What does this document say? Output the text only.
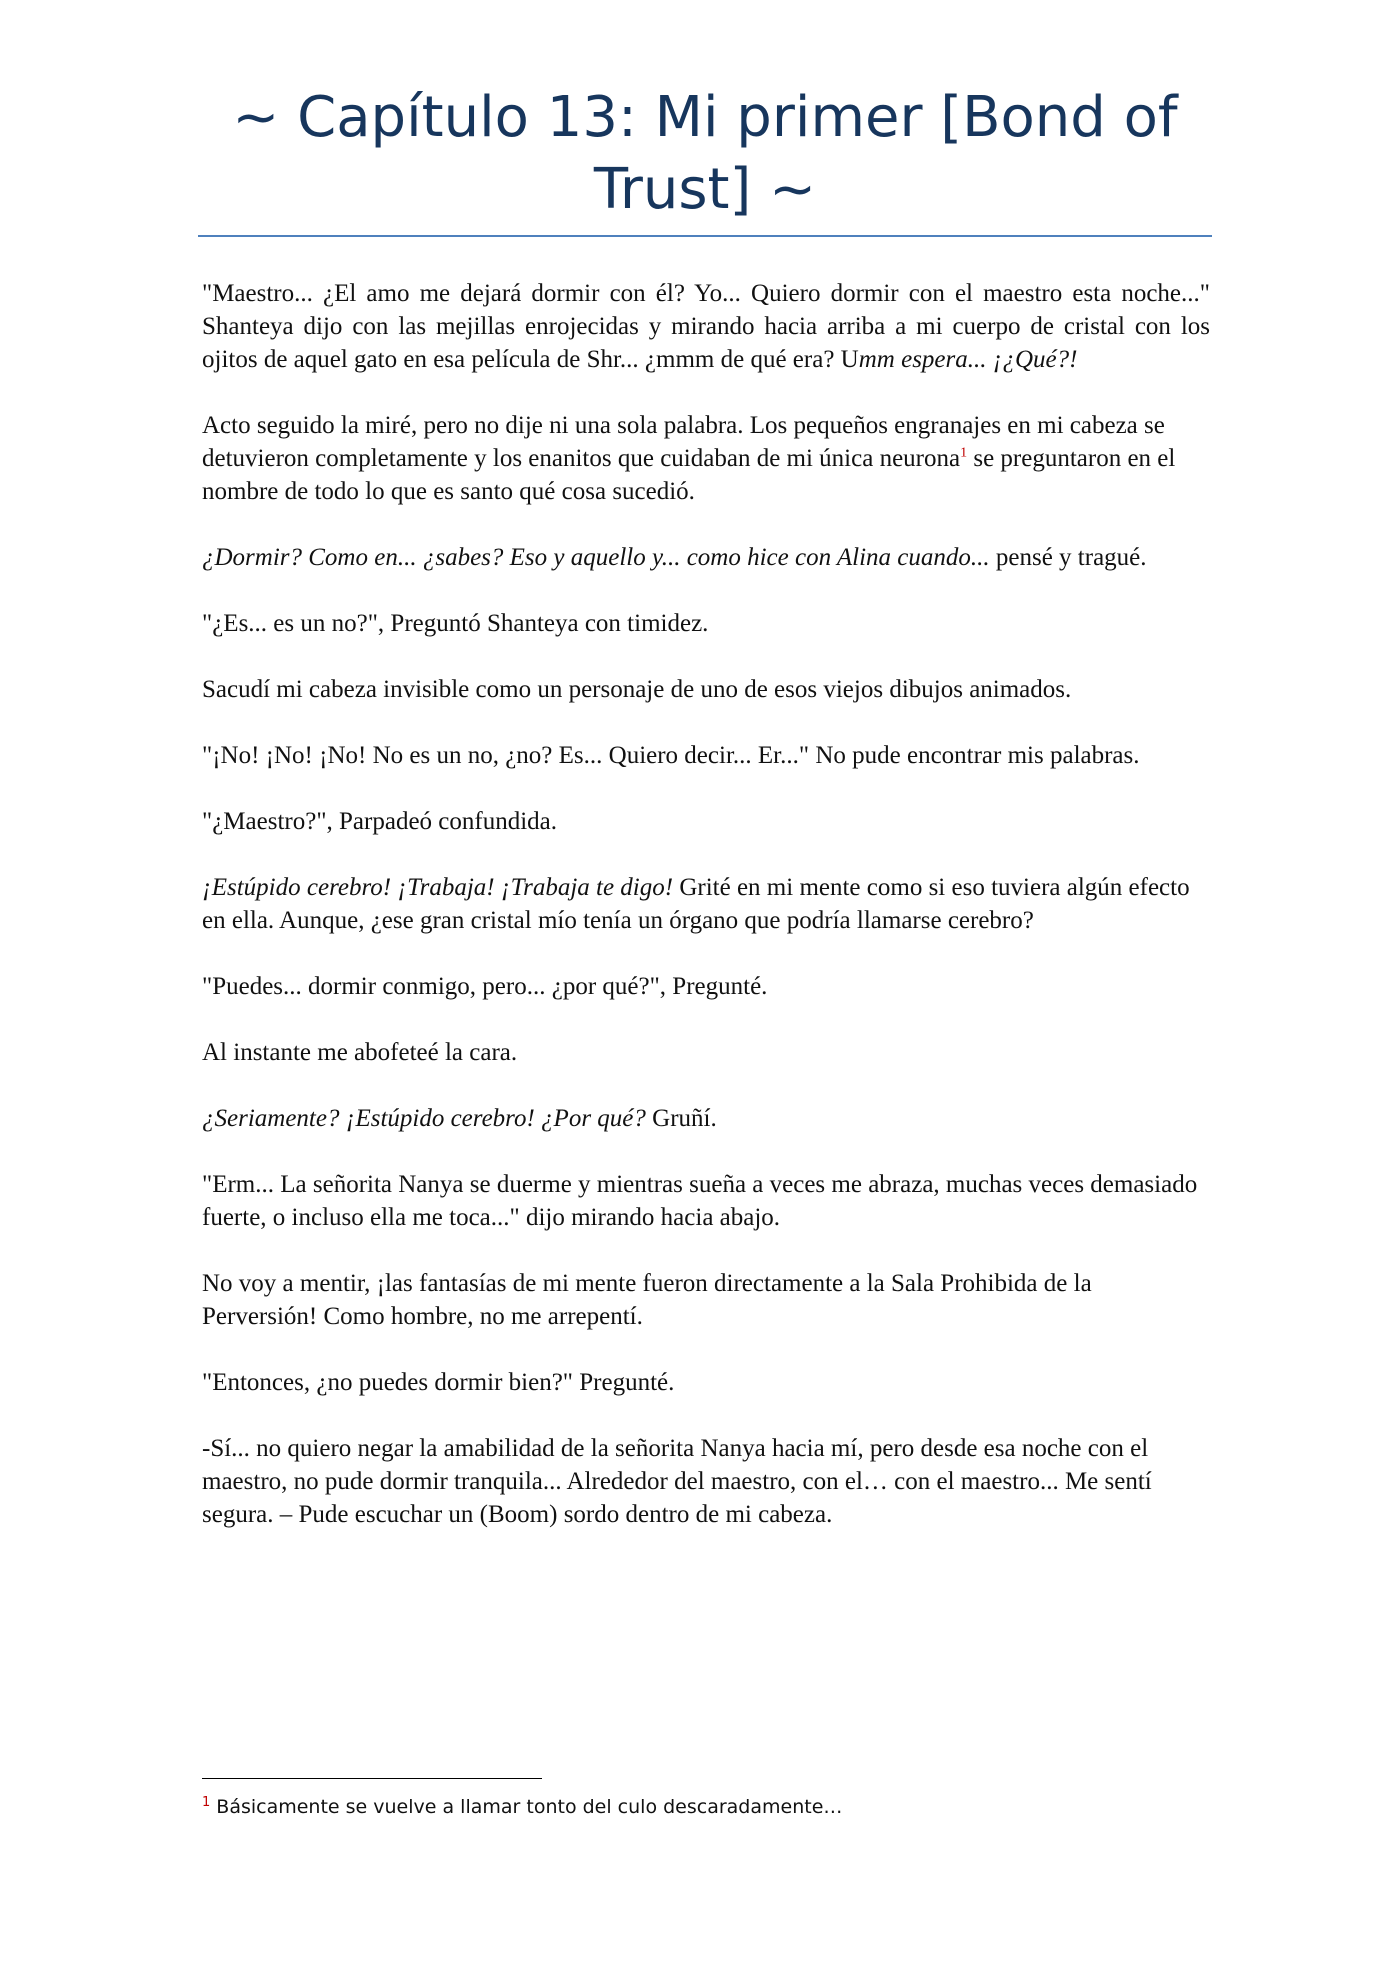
~ Capítulo 13: Mi primer [Bond of Trust] ~

"Maestro... ¿El amo me dejará dormir con él? Yo... Quiero dormir con el maestro esta noche..." Shanteya dijo con las mejillas enrojecidas y mirando hacia arriba a mi cuerpo de cristal con los ojitos de aquel gato en esa película de Shr... ¿mmm de qué era? Umm espera... ¡¿Qué?!

Acto seguido la miré, pero no dije ni una sola palabra. Los pequeños engranajes en mi cabeza se detuvieron completamente y los enanitos que cuidaban de mi única neurona$^1$ se preguntaron en el nombre de todo lo que es santo qué cosa sucedió.

¿Dormir? Como en... ¿sabes? Eso y aquello y... como hice con Alina cuando... pensé y tragué.

"¿Es... es un no?", Preguntó Shanteya con timidez.

Sacudí mi cabeza invisible como un personaje de uno de esos viejos dibujos animados.

"¡No! ¡No! ¡No! No es un no, ¿no? Es... Quiero decir... Er..." No pude encontrar mis palabras.

"¿Maestro?", Parpadeó confundida.

¡Estúpido cerebro! ¡Trabaja! ¡Trabaja te digo! Grité en mi mente como si eso tuviera algún efecto en ella. Aunque, ¿ese gran cristal mío tenía un órgano que podría llamarse cerebro?

"Puedes... dormir conmigo, pero... ¿por qué?", Pregunté.

Al instante me abofeteé la cara.

¿Seriamente? ¡Estúpido cerebro! ¿Por qué? Gruñí.

"Erm... La señorita Nanya se duerme y mientras sueña a veces me abraza, muchas veces demasiado fuerte, o incluso ella me toca..." dijo mirando hacia abajo.

No voy a mentir, ¡las fantasías de mi mente fueron directamente a la Sala Prohibida de la Perversión! Como hombre, no me arrepentí.

"Entonces, ¿no puedes dormir bien?" Pregunté.

-Sí... no quiero negar la amabilidad de la señorita Nanya hacia mí, pero desde esa noche con el maestro, no pude dormir tranquila... Alrededor del maestro, con el… con el maestro... Me sentí segura. – Pude escuchar un (Boom) sordo dentro de mi cabeza.

$^1$ Básicamente se vuelve a llamar tonto del culo descaradamente…
